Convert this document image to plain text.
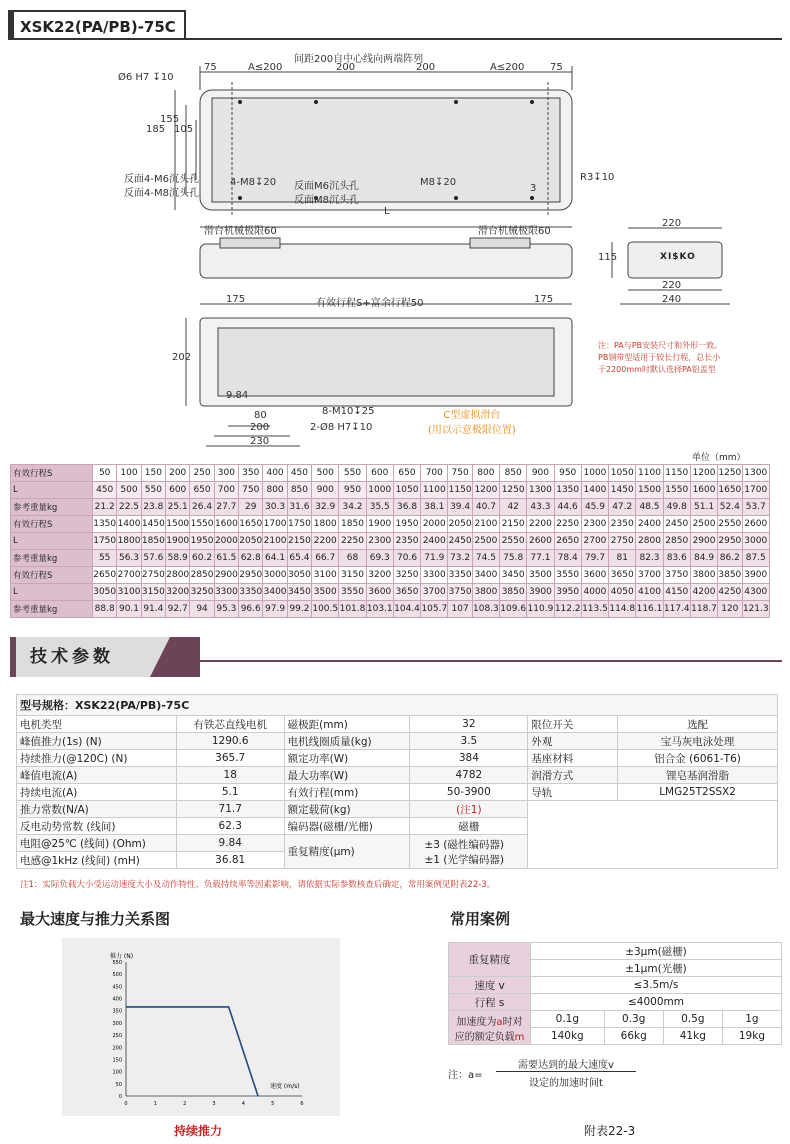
XSK22(PA/PB)-75C
间距200自中心线向两端阵列
75	A≤200	200	200	A≤200	75
Ø6 H7 ↧10
185
155
105
反面4-M6沉头孔
反面4-M8沉头孔
4-M8↧20 反面M6沉头孔
反面M8沉头孔
M8↧20
3
R3↧10
L
滑台机械极限60	滑台机械极限60
220
115
220
240
XI$KO
注：PA与PB安装尺寸和外形一致。
PB钢带型适用于较长行程，总长小
于2200mm时默认选择PA铝盖型
175	有效行程S+富余行程50	175
202
9.84
80
200
230
8-M10↧25
2-Ø8 H7↧10
C型虚拟滑台
(用以示意极限位置)
单位（mm）
有效行程S	50	100	150	200	250	300	350	400	450	500	550	600	650	700	750	800	850	900	950	1000	1050	1100	1150	1200	1250	1300
L	450	500	550	600	650	700	750	800	850	900	950	1000	1050	1100	1150	1200	1250	1300	1350	1400	1450	1500	1550	1600	1650	1700
参考重量kg	21.2	22.5	23.8	25.1	26.4	27.7	29	30.3	31.6	32.9	34.2	35.5	36.8	38.1	39.4	40.7	42	43.3	44.6	45.9	47.2	48.5	49.8	51.1	52.4	53.7
有效行程S	1350	1400	1450	1500	1550	1600	1650	1700	1750	1800	1850	1900	1950	2000	2050	2100	2150	2200	2250	2300	2350	2400	2450	2500	2550	2600
L	1750	1800	1850	1900	1950	2000	2050	2100	2150	2200	2250	2300	2350	2400	2450	2500	2550	2600	2650	2700	2750	2800	2850	2900	2950	3000
参考重量kg	55	56.3	57.6	58.9	60.2	61.5	62.8	64.1	65.4	66.7	68	69.3	70.6	71.9	73.2	74.5	75.8	77.1	78.4	79.7	81	82.3	83.6	84.9	86.2	87.5
有效行程S	2650	2700	2750	2800	2850	2900	2950	3000	3050	3100	3150	3200	3250	3300	3350	3400	3450	3500	3550	3600	3650	3700	3750	3800	3850	3900
L	3050	3100	3150	3200	3250	3300	3350	3400	3450	3500	3550	3600	3650	3700	3750	3800	3850	3900	3950	4000	4050	4100	4150	4200	4250	4300
参考重量kg	88.8	90.1	91.4	92.7	94	95.3	96.6	97.9	99.2	100.5	101.8	103.1	104.4	105.7	107	108.3	109.6	110.9	112.2	113.5	114.8	116.1	117.4	118.7	120	121.3
技术参数
型号规格：XSK22(PA/PB)-75C					
电机类型	有铁芯直线电机	磁极距(mm)	32	限位开关	选配
峰值推力(1s) (N)	1290.6	电机线圈质量(kg)	3.5	外观	宝马灰电泳处理
持续推力(@120C) (N)	365.7	额定功率(W)	384	基座材料	铝合金 (6061-T6)
峰值电流(A)	18	最大功率(W)	4782	润滑方式	锂皂基润滑脂
持续电流(A)	5.1	有效行程(mm)	50-3900	导轨	LMG25T2SSX2
推力常数(N/A)	71.7	额定载荷(kg)	(注1)		
反电动势常数 (线间)	62.3	编码器(磁栅/光栅)	磁栅		
电阻@25℃ (线间) (Ohm)	9.84	重复精度(μm)	±3 (磁性编码器)
±1 (光学编码器)		

电感@1kHz (线间) (mH)	36.81				
注1：实际负载大小受运动速度大小及动作特性、负载持续率等因素影响，请依据实际参数核查后确定，常用案例见附表22-3。
最大速度与推力关系图
推力 (N)
速度 (m/s)
0
50
100
150
200
250
300
350
400
450
500
550
0	1	2	3	4	5	6
持续推力
常用案例
重复精度	±3μm(磁栅)			
	±1μm(光栅)			
速度 v	≤3.5m/s			
行程 s	≤4000mm			

加速度为a时对
应的额定负载m	0.1g	0.3g	0.5g	1g
	140kg	66kg	41kg	19kg
注：a=
需要达到的最大速度v
设定的加速时间t
附表22-3
